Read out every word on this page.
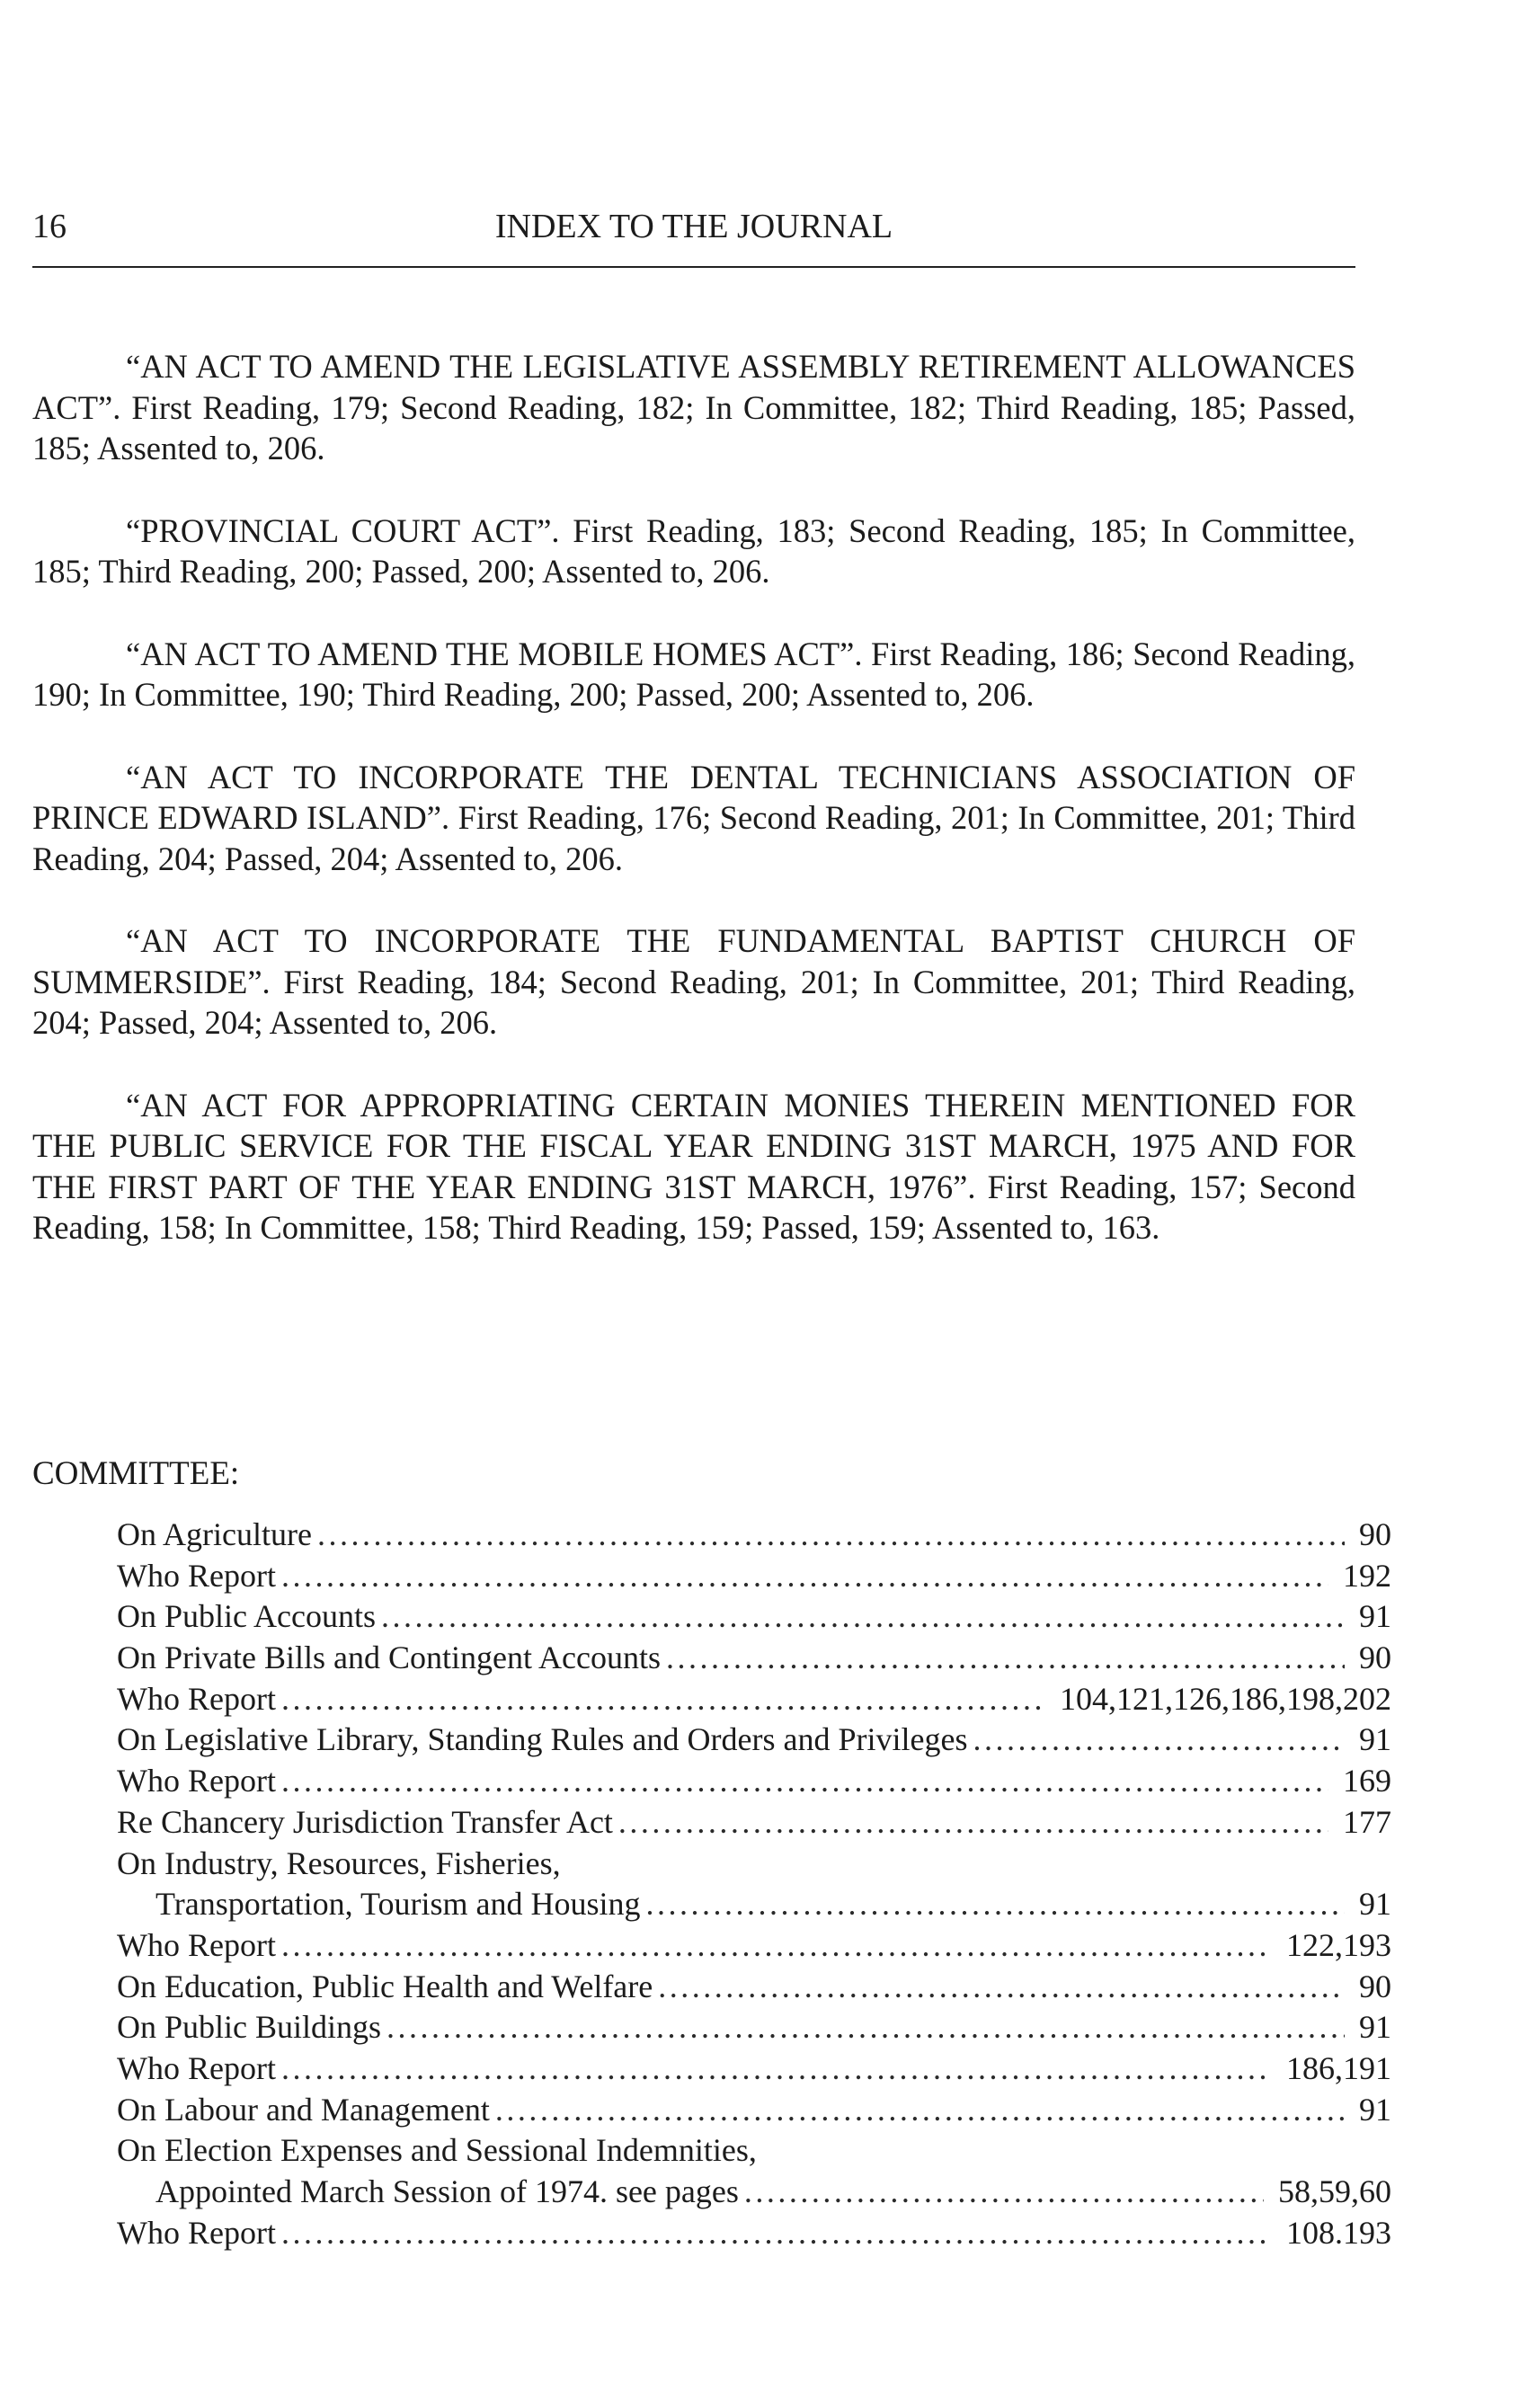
16	INDEX TO THE JOURNAL

“AN ACT TO AMEND THE LEGISLATIVE ASSEMBLY RETIREMENT ALLOWANCES ACT”. First Reading, 179; Second Reading, 182; In Committee, 182; Third Reading, 185; Passed, 185; Assented to, 206.

“PROVINCIAL COURT ACT”. First Reading, 183; Second Reading, 185; In Committee, 185; Third Reading, 200; Passed, 200; Assented to, 206.

“AN ACT TO AMEND THE MOBILE HOMES ACT”. First Reading, 186; Second Reading, 190; In Committee, 190; Third Reading, 200; Passed, 200; Assented to, 206.

“AN ACT TO INCORPORATE THE DENTAL TECHNICIANS ASSOCIATION OF PRINCE EDWARD ISLAND”. First Reading, 176; Second Reading, 201; In Committee, 201; Third Reading, 204; Passed, 204; Assented to, 206.

“AN ACT TO INCORPORATE THE FUNDAMENTAL BAPTIST CHURCH OF SUMMERSIDE”. First Reading, 184; Second Reading, 201; In Committee, 201; Third Reading, 204; Passed, 204; Assented to, 206.

“AN ACT FOR APPROPRIATING CERTAIN MONIES THEREIN MENTIONED FOR THE PUBLIC SERVICE FOR THE FISCAL YEAR ENDING 31ST MARCH, 1975 AND FOR THE FIRST PART OF THE YEAR ENDING 31ST MARCH, 1976”. First Reading, 157; Second Reading, 158; In Committee, 158; Third Reading, 159; Passed, 159; Assented to, 163.

COMMITTEE:
On Agriculture .....	90
Who Report .....	192
On Public Accounts .....	91
On Private Bills and Contingent Accounts .....	90
Who Report .....	104,121,126,186,198,202
On Legislative Library, Standing Rules and Orders and Privileges .....	91
Who Report .....	169
Re Chancery Jurisdiction Transfer Act .....	177
On Industry, Resources, Fisheries,
Transportation, Tourism and Housing .....	91
Who Report .....	122,193
On Education, Public Health and Welfare .....	90
On Public Buildings .....	91
Who Report .....	186,191
On Labour and Management .....	91
On Election Expenses and Sessional Indemnities,
Appointed March Session of 1974. see pages .....	58,59,60
Who Report .....	108.193
